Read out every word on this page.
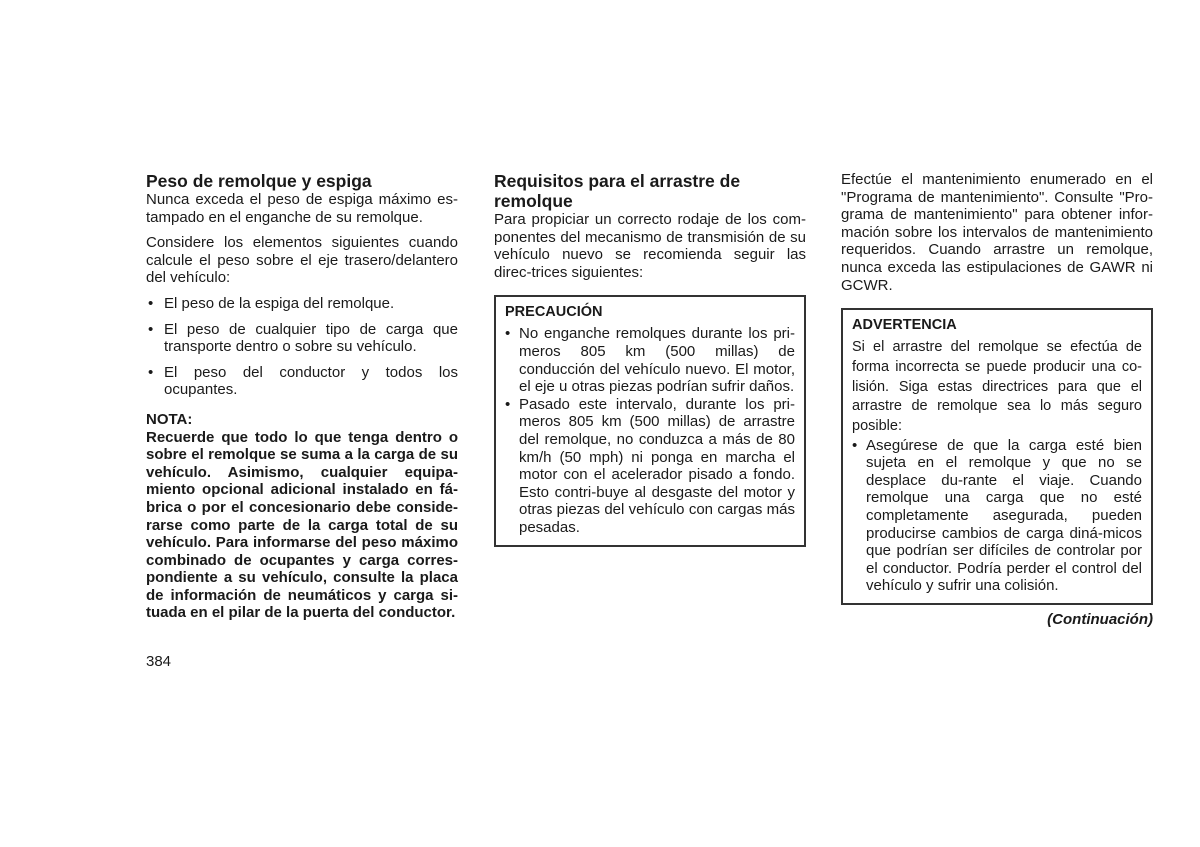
Peso de remolque y espiga

Nunca exceda el peso de espiga máximo es-tampado en el enganche de su remolque.

Considere los elementos siguientes cuando calcule el peso sobre el eje trasero/delantero del vehículo:

• El peso de la espiga del remolque.
• El peso de cualquier tipo de carga que transporte dentro o sobre su vehículo.
• El peso del conductor y todos los ocupantes.
NOTA:
Recuerde que todo lo que tenga dentro o sobre el remolque se suma a la carga de su vehículo. Asimismo, cualquier equipa-miento opcional adicional instalado en fá-brica o por el concesionario debe conside-rarse como parte de la carga total de su vehículo. Para informarse del peso máximo combinado de ocupantes y carga corres-pondiente a su vehículo, consulte la placa de información de neumáticos y carga si-tuada en el pilar de la puerta del conductor.
Requisitos para el arrastre de remolque

Para propiciar un correcto rodaje de los com-ponentes del mecanismo de transmisión de su vehículo nuevo se recomienda seguir las direc-trices siguientes:

PRECAUCIÓN
• No enganche remolques durante los pri-meros 805 km (500 millas) de conducción del vehículo nuevo. El motor, el eje u otras piezas podrían sufrir daños.
• Pasado este intervalo, durante los pri-meros 805 km (500 millas) de arrastre del remolque, no conduzca a más de 80 km/h (50 mph) ni ponga en marcha el motor con el acelerador pisado a fondo. Esto contri-buye al desgaste del motor y otras piezas del vehículo con cargas más pesadas.

Efectúe el mantenimiento enumerado en el "Programa de mantenimiento". Consulte "Pro-grama de mantenimiento" para obtener infor-mación sobre los intervalos de mantenimiento requeridos. Cuando arrastre un remolque, nunca exceda las estipulaciones de GAWR ni GCWR.

ADVERTENCIA

Si el arrastre del remolque se efectúa de forma incorrecta se puede producir una co-lisión. Siga estas directrices para que el arrastre de remolque sea lo más seguro posible:

• Asegúrese de que la carga esté bien sujeta en el remolque y que no se desplace du-rante el viaje. Cuando remolque una carga que no esté completamente asegurada, pueden producirse cambios de carga diná-micos que podrían ser difíciles de controlar por el conductor. Podría perder el control del vehículo y sufrir una colisión.
(Continuación)
384
